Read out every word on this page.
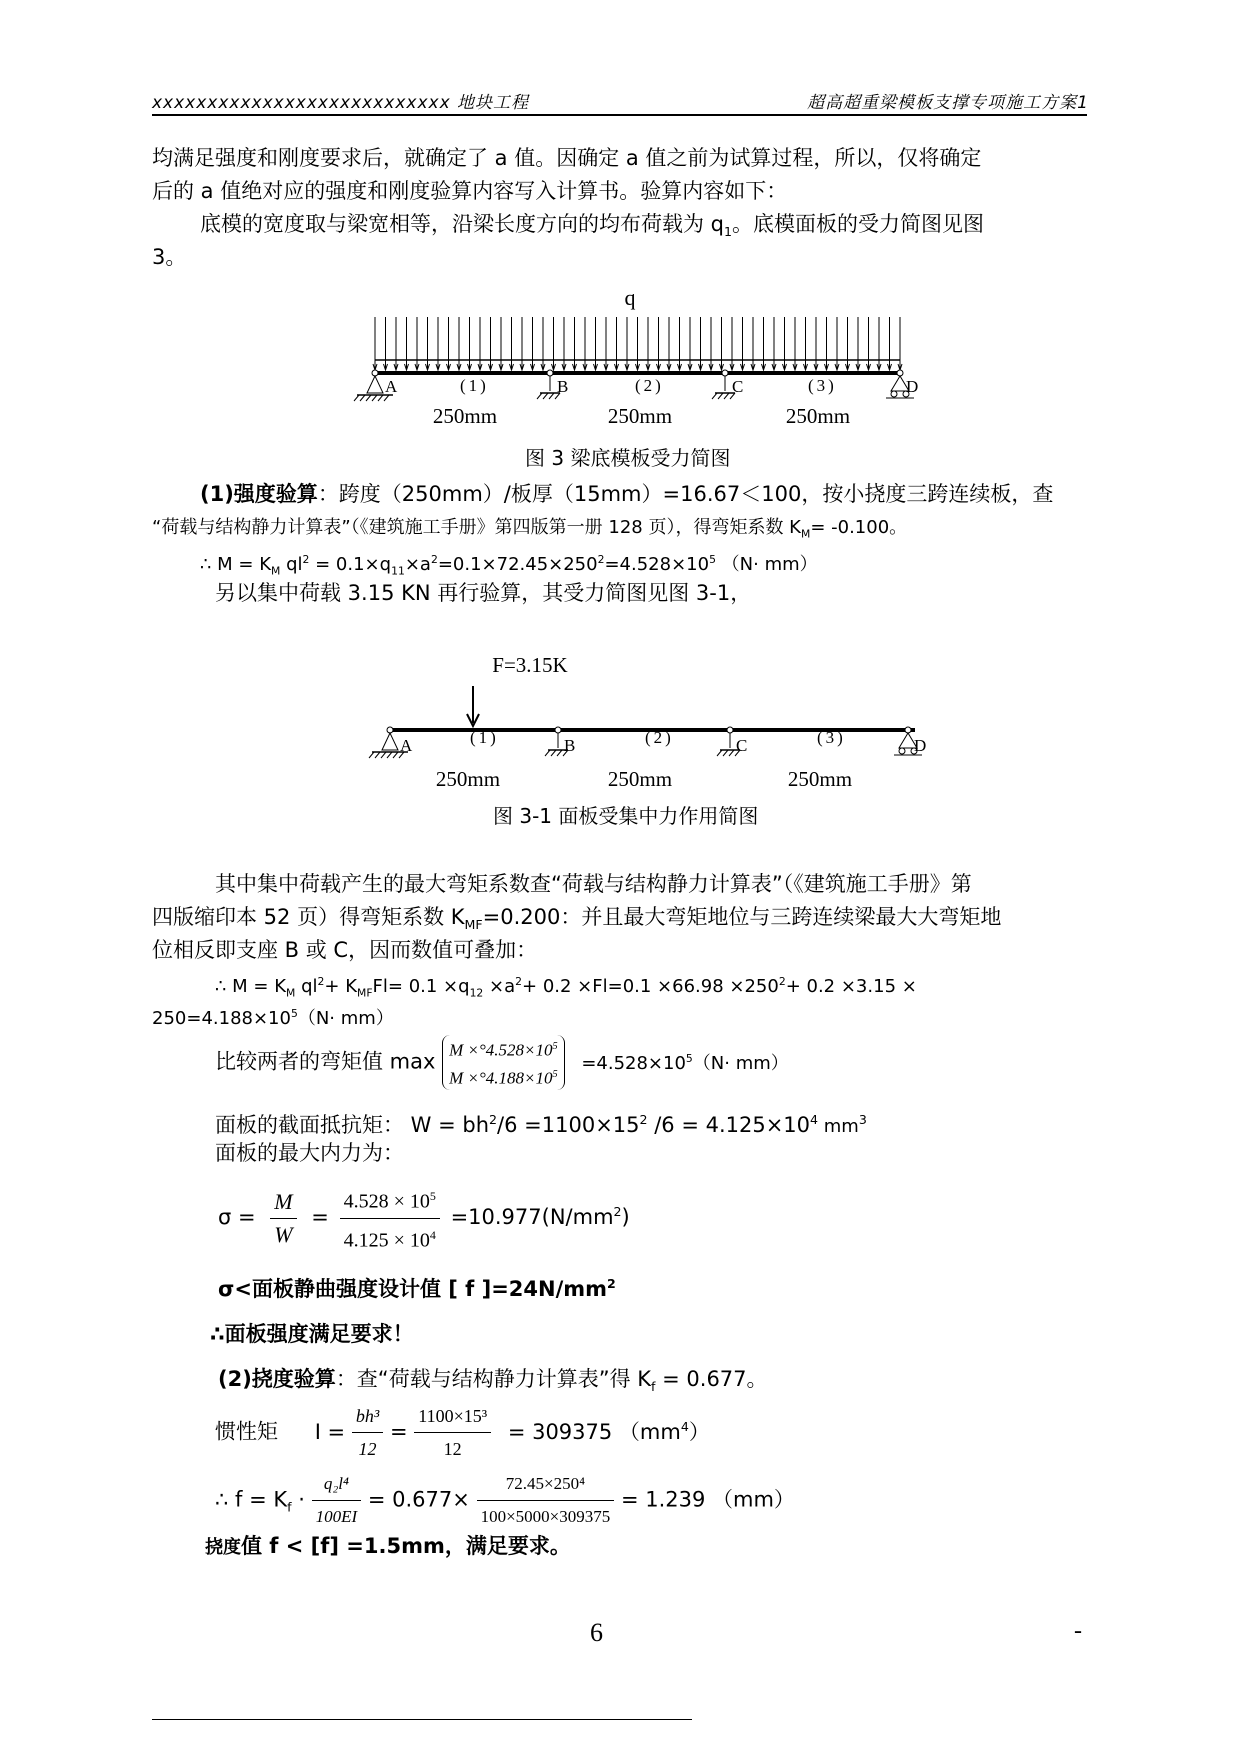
xxxxxxxxxxxxxxxxxxxxxxxxxxx 地块工程	超高超重梁模板支撑专项施工方案1
均满足强度和刚度要求后，就确定了 a 值。因确定 a 值之前为试算过程，所以，仅将确定
后的 a 值绝对应的强度和刚度验算内容写入计算书。验算内容如下：
底模的宽度取与梁宽相等，沿梁长度方向的均布荷载为 $q_1$。底模面板的受力简图见图
3。
q
A	B	C	D
(1)	(2)	(3)
250mm	250mm	250mm
图 3 梁底模板受力简图
(1)强度验算：跨度（250mm）/板厚（15mm）=16.67＜100，按小挠度三跨连续板，查
“荷载与结构静力计算表”（《建筑施工手册》第四版第一册 128 页），得弯矩系数 $K_M= -0.100$。
∴ $M = K_M$ $ql^2 = 0.1\times q_{11}\times a^2=0.1\times 72.45\times 250^2=4.528\times 10^5$ （N· mm）
另以集中荷载 3.15 KN 再行验算，其受力简图见图 3-1，
F=3.15K
A	B	C	D
(1)	(2)	(3)
250mm	250mm	250mm
图 3-1 面板受集中力作用简图
其中集中荷载产生的最大弯矩系数查“荷载与结构静力计算表”（《建筑施工手册》第
四版缩印本 52 页）得弯矩系数 $K_{MF}=0.200$：并且最大弯矩地位与三跨连续梁最大大弯矩地
位相反即支座 B 或 C，因而数值可叠加：
∴ $M = K_M$ $ql^2+ K_{MF}Fl= 0.1 \times q_{12} \times a^2+ 0.2 \times Fl=0.1 \times 66.98 \times 250^2+ 0.2 \times 3.15$ ×
$250=4.188\times 10^5(N\cdot mm)$
比较两者的弯矩值 $\max M \times^\circ 4.528\times 10^5$
$M \times^\circ 4.188\times 10^5$
$=4.528\times 10^5(N\cdot mm)$
面板的截面抵抗矩： $W = bh^2/6 =1100\times 15^2$ $/6 = 4.125\times 10^4$ $mm^3$
面板的最大内力为：
$\sigma = \frac{M}{W} = \frac{4.528 \times 10^5}{4.125 \times 10^4} =10.977(N/mm^2)$
σ<面板静曲强度设计值 [ f ]$=24N/mm^2$
∴面板强度满足要求！
(2)挠度验算：查“荷载与结构静力计算表”得 $K_f = 0.677$。
惯性矩 $I = \frac{\text{bh³}}{12} = \frac{\text{1100×15³}}{12} = 309375$ $(mm^4)$
∴ $f = K_f \cdot \frac{\text{q₂l⁴}}{100EI} = 0.677\times \frac{\text{72.45×250⁴}}{100\times 5000\times 309375} = 1.239$ （mm）
挠度值 f < [f] =1.5mm，满足要求。
6	-
